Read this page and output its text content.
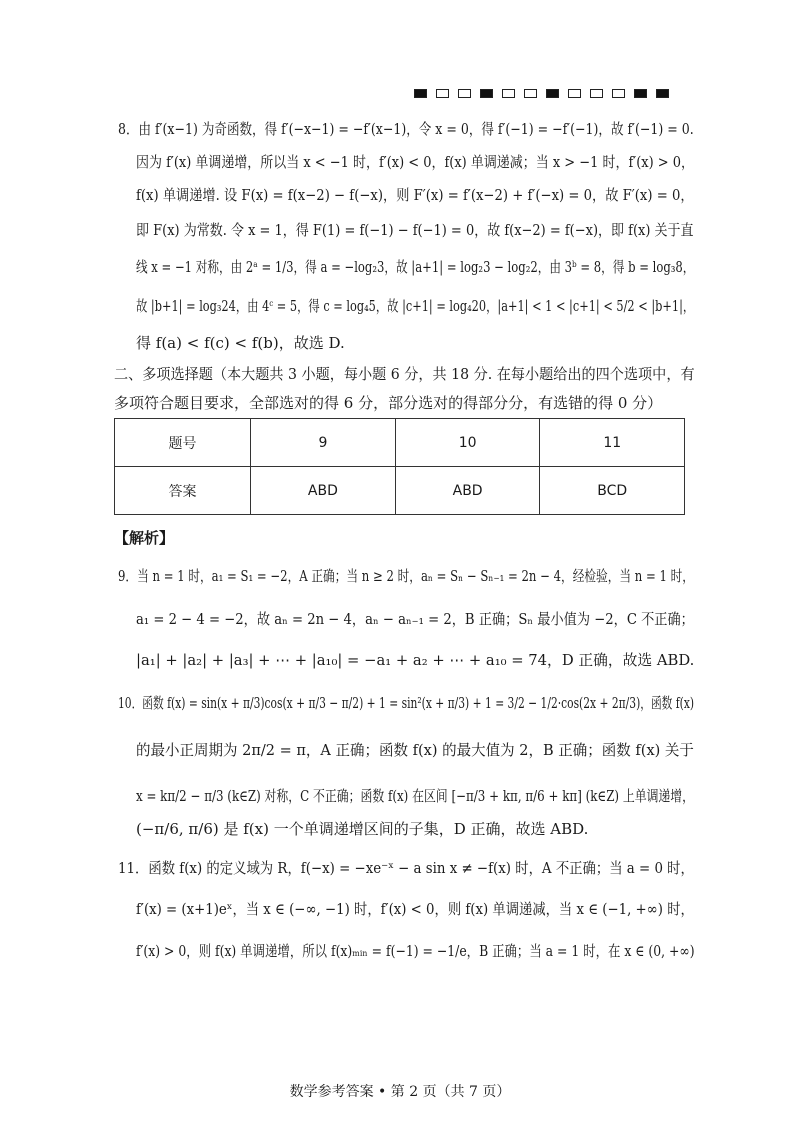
8．由 f′(x−1) 为奇函数，得 f′(−x−1) = −f′(x−1)，令 x = 0，得 f′(−1) = −f′(−1)，故 f′(−1) = 0.
因为 f′(x) 单调递增，所以当 x < −1 时，f′(x) < 0，f(x) 单调递减；当 x > −1 时，f′(x) > 0，
f(x) 单调递增. 设 F(x) = f(x−2) − f(−x)，则 F′(x) = f′(x−2) + f′(−x) = 0，故 F′(x) = 0，
即 F(x) 为常数. 令 x = 1，得 F(1) = f(−1) − f(−1) = 0，故 f(x−2) = f(−x)，即 f(x) 关于直
线 x = −1 对称，由 2ᵃ = 1/3，得 a = −log₂3，故 |a+1| = log₂3 − log₂2，由 3ᵇ = 8，得 b = log₃8，
故 |b+1| = log₃24，由 4ᶜ = 5，得 c = log₄5，故 |c+1| = log₄20，|a+1| < 1 < |c+1| < 5/2 < |b+1|，
得 f(a) < f(c) < f(b)，故选 D.
二、多项选择题（本大题共 3 小题，每小题 6 分，共 18 分. 在每小题给出的四个选项中，有
多项符合题目要求，全部选对的得 6 分，部分选对的得部分分，有选错的得 0 分）
题号	9	10	11
答案	ABD	ABD	BCD
【解析】
9．当 n = 1 时，a₁ = S₁ = −2，A 正确；当 n ≥ 2 时，aₙ = Sₙ − Sₙ₋₁ = 2n − 4，经检验，当 n = 1 时，
a₁ = 2 − 4 = −2，故 aₙ = 2n − 4，aₙ − aₙ₋₁ = 2，B 正确；Sₙ 最小值为 −2，C 不正确；
|a₁| + |a₂| + |a₃| + ⋯ + |a₁₀| = −a₁ + a₂ + ⋯ + a₁₀ = 74，D 正确，故选 ABD.
10．函数 f(x) = sin(x + π/3)cos(x + π/3 − π/2) + 1 = sin²(x + π/3) + 1 = 3/2 − 1/2·cos(2x + 2π/3)，函数 f(x)
的最小正周期为 2π/2 = π，A 正确；函数 f(x) 的最大值为 2，B 正确；函数 f(x) 关于
x = kπ/2 − π/3 (k∈Z) 对称，C 不正确；函数 f(x) 在区间 [−π/3 + kπ, π/6 + kπ] (k∈Z) 上单调递增，
(−π/6, π/6) 是 f(x) 一个单调递增区间的子集，D 正确，故选 ABD.
11．函数 f(x) 的定义域为 R，f(−x) = −xe⁻ˣ − a sin x ≠ −f(x) 时，A 不正确；当 a = 0 时，
f′(x) = (x+1)eˣ，当 x ∈ (−∞, −1) 时，f′(x) < 0，则 f(x) 单调递减，当 x ∈ (−1, +∞) 时，
f′(x) > 0，则 f(x) 单调递增，所以 f(x)ₘᵢₙ = f(−1) = −1/e，B 正确；当 a = 1 时，在 x ∈ (0, +∞)
数学参考答案 • 第 2 页（共 7 页）
